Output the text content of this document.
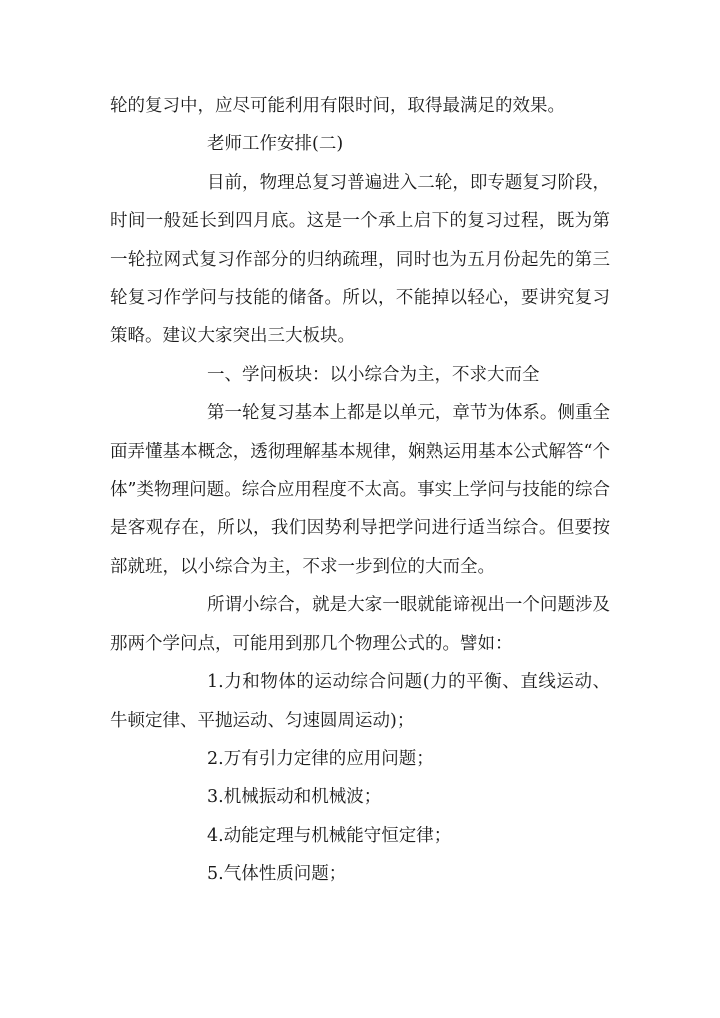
轮的复习中，应尽可能利用有限时间，取得最满足的效果。

老师工作安排(二)

目前，物理总复习普遍进入二轮，即专题复习阶段，时间一般延长到四月底。这是一个承上启下的复习过程，既为第一轮拉网式复习作部分的归纳疏理，同时也为五月份起先的第三轮复习作学问与技能的储备。所以，不能掉以轻心，要讲究复习策略。建议大家突出三大板块。

一、学问板块：以小综合为主，不求大而全

第一轮复习基本上都是以单元，章节为体系。侧重全面弄懂基本概念，透彻理解基本规律，娴熟运用基本公式解答“个体”类物理问题。综合应用程度不太高。事实上学问与技能的综合是客观存在，所以，我们因势利导把学问进行适当综合。但要按部就班，以小综合为主，不求一步到位的大而全。

所谓小综合，就是大家一眼就能谛视出一个问题涉及那两个学问点，可能用到那几个物理公式的。譬如：

1.力和物体的运动综合问题(力的平衡、直线运动、牛顿定律、平抛运动、匀速圆周运动)；

2.万有引力定律的应用问题；

3.机械振动和机械波；

4.动能定理与机械能守恒定律；

5.气体性质问题；
